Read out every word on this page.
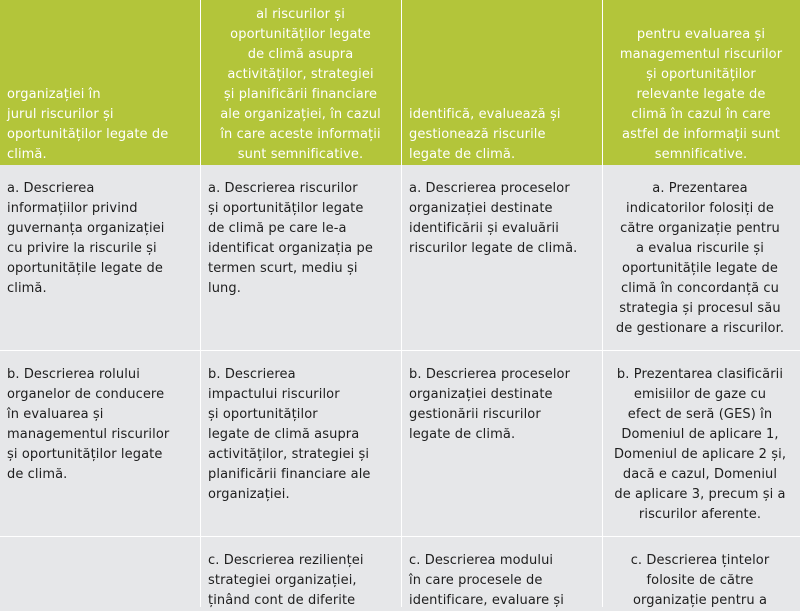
organizației în
jurul riscurilor și
oportunităților legate de
climă.
al riscurilor și
oportunităților legate
de climă asupra
activităților, strategiei
și planificării financiare
ale organizației, în cazul
în care aceste informații
sunt semnificative.
identifică, evaluează și
gestionează riscurile
legate de climă.
pentru evaluarea și
managementul riscurilor
și oportunităților
relevante legate de
climă în cazul în care
astfel de informații sunt
semnificative.
a. Descrierea
informațiilor privind
guvernanța organizației
cu privire la riscurile și
oportunitățile legate de
climă.
a. Descrierea riscurilor
și oportunităților legate
de climă pe care le-a
identificat organizația pe
termen scurt, mediu și
lung.
a. Descrierea proceselor
organizației destinate
identificării și evaluării
riscurilor legate de climă.
a. Prezentarea
indicatorilor folosiți de
către organizație pentru
a evalua riscurile și
oportunitățile legate de
climă în concordanță cu
strategia și procesul său
de gestionare a riscurilor.
b. Descrierea rolului
organelor de conducere
în evaluarea și
managementul riscurilor
și oportunităților legate
de climă.
b. Descrierea
impactului riscurilor
și oportunităților
legate de climă asupra
activităților, strategiei și
planificării financiare ale
organizației.
b. Descrierea proceselor
organizației destinate
gestionării riscurilor
legate de climă.
b. Prezentarea clasificării
emisiilor de gaze cu
efect de seră (GES) în
Domeniul de aplicare 1,
Domeniul de aplicare 2 și,
dacă e cazul, Domeniul
de aplicare 3, precum și a
riscurilor aferente.
c. Descrierea rezilienței
strategiei organizației,
ținând cont de diferite
c. Descrierea modului
în care procesele de
identificare, evaluare și
c. Descrierea țintelor
folosite de către
organizație pentru a
